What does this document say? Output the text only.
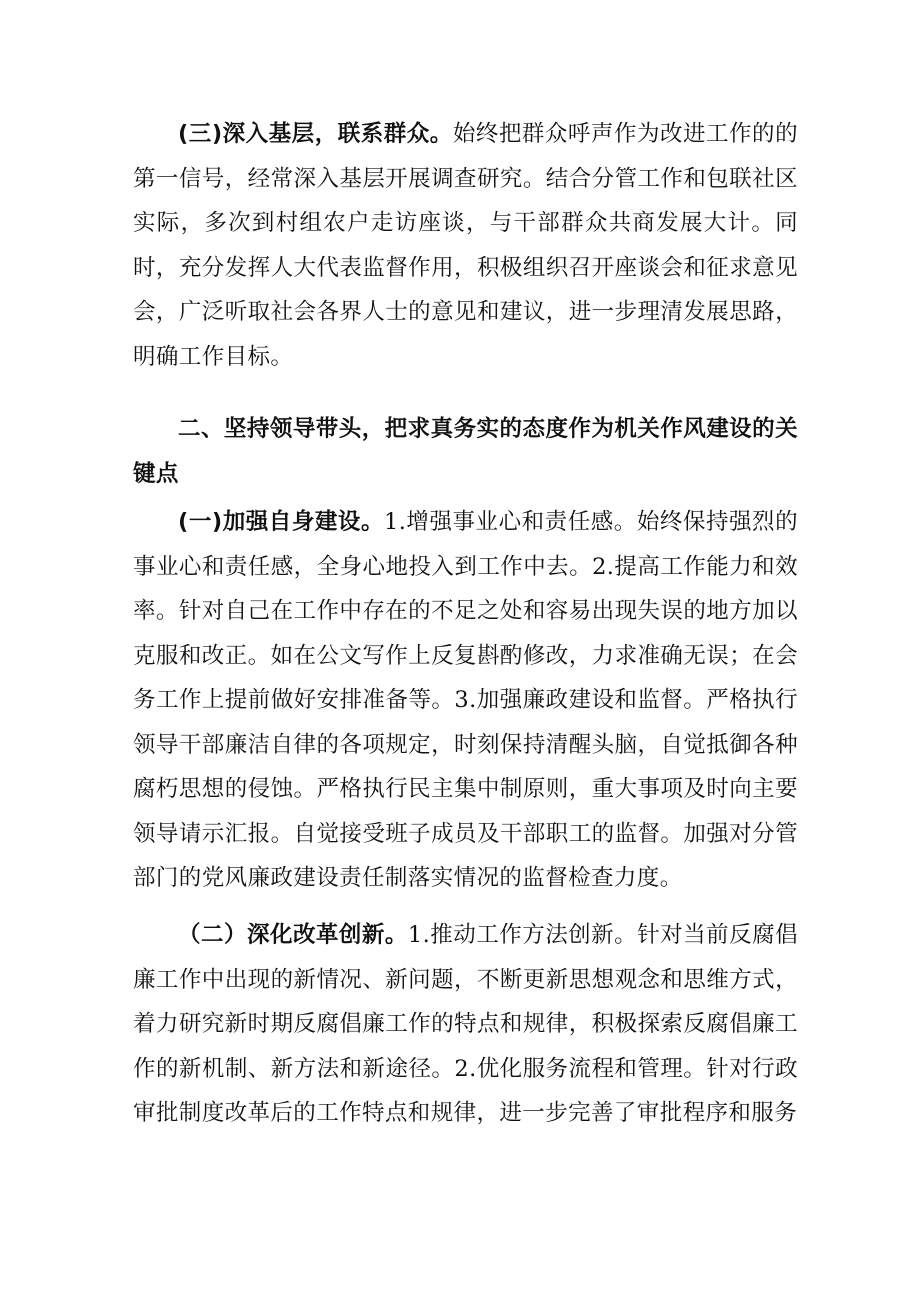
(三)深入基层，联系群众。始终把群众呼声作为改进工作的的第一信号，经常深入基层开展调查研究。结合分管工作和包联社区实际，多次到村组农户走访座谈，与干部群众共商发展大计。同时，充分发挥人大代表监督作用，积极组织召开座谈会和征求意见会，广泛听取社会各界人士的意见和建议，进一步理清发展思路，明确工作目标。

二、坚持领导带头，把求真务实的态度作为机关作风建设的关键点

(一)加强自身建设。1.增强事业心和责任感。始终保持强烈的事业心和责任感，全身心地投入到工作中去。2.提高工作能力和效率。针对自己在工作中存在的不足之处和容易出现失误的地方加以克服和改正。如在公文写作上反复斟酌修改，力求准确无误；在会务工作上提前做好安排准备等。3.加强廉政建设和监督。严格执行领导干部廉洁自律的各项规定，时刻保持清醒头脑，自觉抵御各种腐朽思想的侵蚀。严格执行民主集中制原则，重大事项及时向主要领导请示汇报。自觉接受班子成员及干部职工的监督。加强对分管部门的党风廉政建设责任制落实情况的监督检查力度。

（二）深化改革创新。1.推动工作方法创新。针对当前反腐倡廉工作中出现的新情况、新问题，不断更新思想观念和思维方式，着力研究新时期反腐倡廉工作的特点和规律，积极探索反腐倡廉工作的新机制、新方法和新途径。2.优化服务流程和管理。针对行政审批制度改革后的工作特点和规律，进一步完善了审批程序和服务
